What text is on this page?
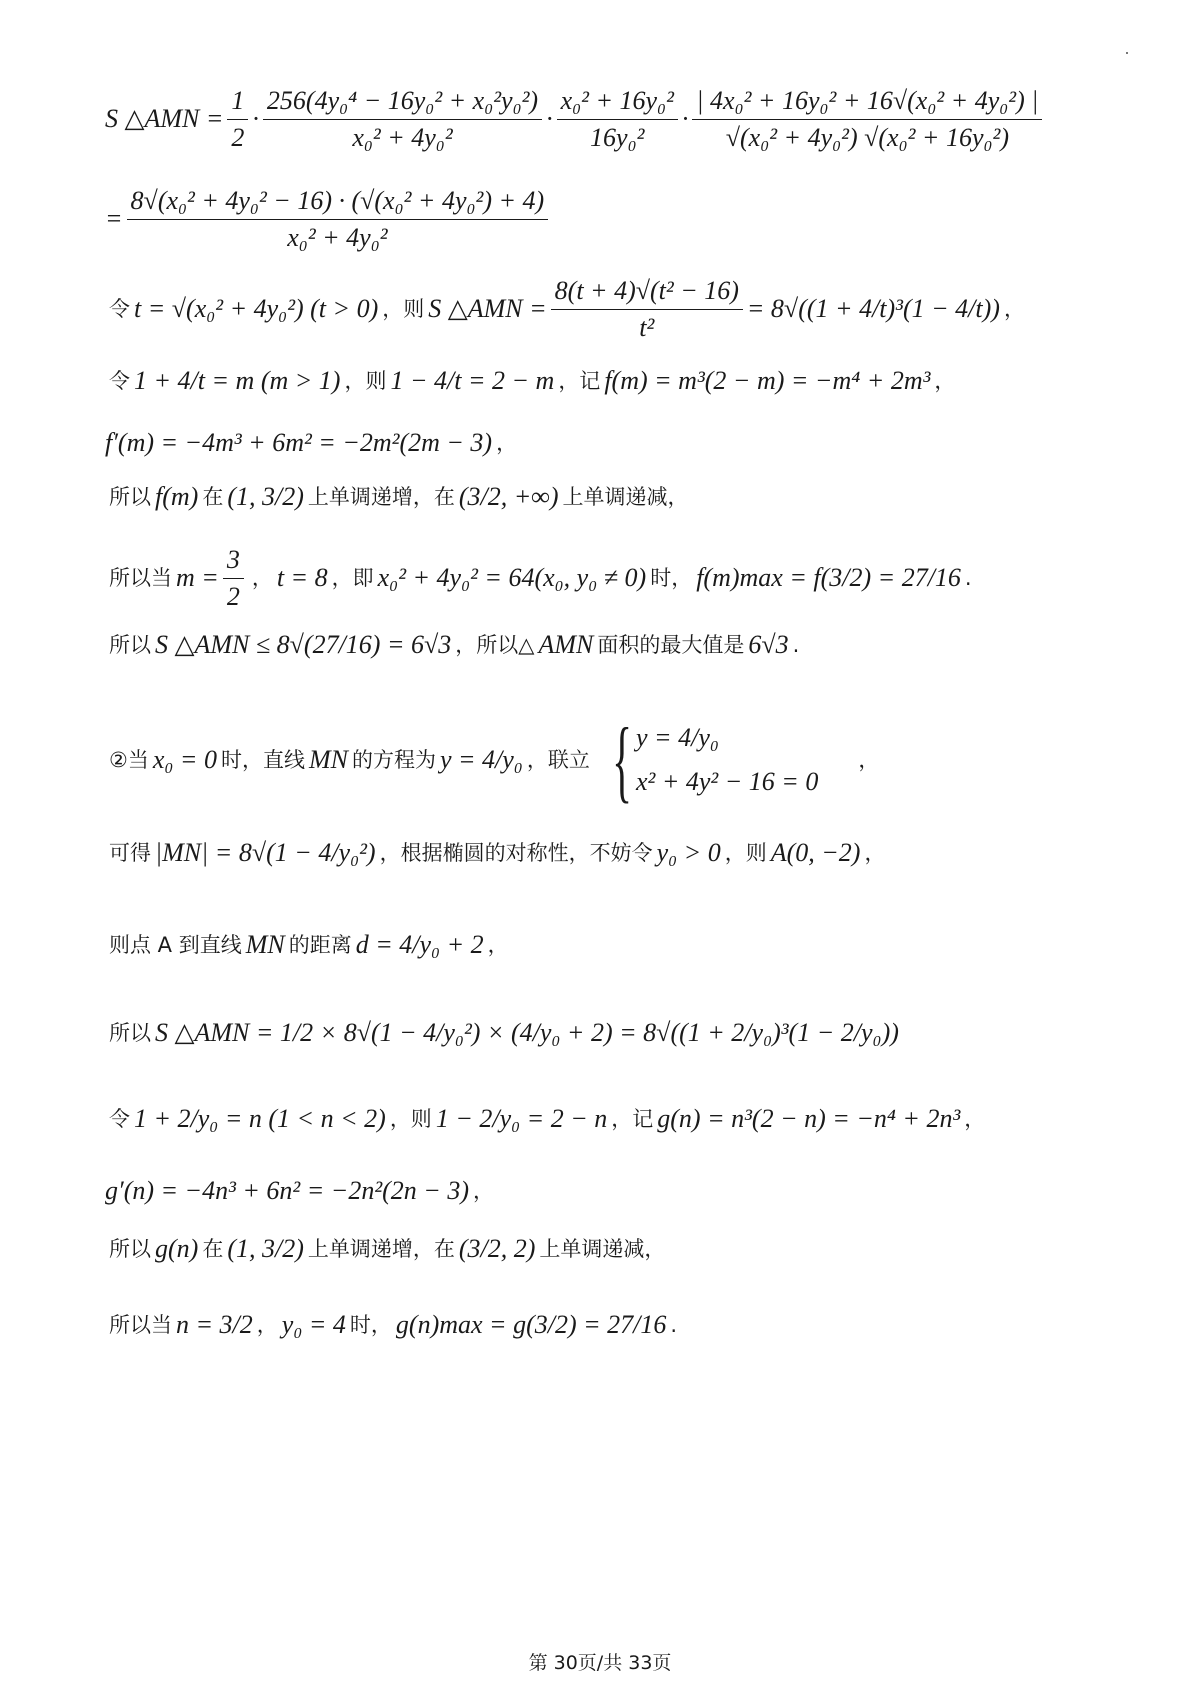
S △AMN = $\frac{1}{2} \cdot \frac{\text{256(4y₀⁴ − 16y₀² + x₀²y₀²)}}{\text{x₀² + 4y₀²}} \cdot \frac{\text{x₀² + 16y₀²}}{\text{16y₀²}} \cdot \frac{\text{| 4x₀² + 16y₀² + 16√(x₀² + 4y₀²) |}}{\text{√(x₀² + 4y₀²) √(x₀² + 16y₀²)}}$
= $\frac{\text{8√(x₀² + 4y₀² − 16) · (√(x₀² + 4y₀²) + 4)}}{\text{x₀² + 4y₀²}}$
令 t = √(x₀² + 4y₀²) (t > 0) ，则 S △AMN = $\frac{\text{8(t + 4)√(t² − 16)}}{\text{t²}} = 8√((1 + 4/t)^3(1 - 4/t))$ ，
令 1 + 4/t = m (m > 1) ，则 1 − 4/t = 2 − m ，记 f(m) = m³(2 − m) = −m⁴ + 2m³ ，
f′(m) = −4m³ + 6m² = −2m²(2m − 3) ，
所以 f(m) 在 (1, 3/2) 上单调递增，在 (3/2, +∞) 上单调递减，
所以当 $m = \frac{3}{2}$ ， t = 8 ，即 x₀² + 4y₀² = 64(x₀, y₀ ≠ 0) 时， f(m)max = f(3/2) = 27/16 .
所以 S △AMN ≤ 8√(27/16) = 6√3 ，所以△ AMN 面积的最大值是 6√3 .
②当 x₀ = 0 时，直线 MN 的方程为 y = 4/y₀ ，联立 { y = 4/y₀
x² + 4y² − 16 = 0
，
可得 |MN| = 8√(1 − 4/y₀²) ，根据椭圆的对称性，不妨令 y₀ > 0 ，则 A(0, −2) ，
则点 A 到直线 MN 的距离 d = 4/y₀ + 2 ，
所以 S △AMN = 1/2 × 8√(1 − 4/y₀²) × (4/y₀ + 2) = 8√((1 + 2/y₀)³(1 − 2/y₀))
令 1 + 2/y₀ = n (1 < n < 2) ，则 1 − 2/y₀ = 2 − n ，记 g(n) = n³(2 − n) = −n⁴ + 2n³ ，
g′(n) = −4n³ + 6n² = −2n²(2n − 3) ，
所以 g(n) 在 (1, 3/2) 上单调递增，在 (3/2, 2) 上单调递减，
所以当 n = 3/2 ， y₀ = 4 时， g(n)max = g(3/2) = 27/16 .
第 30页/共 33页
